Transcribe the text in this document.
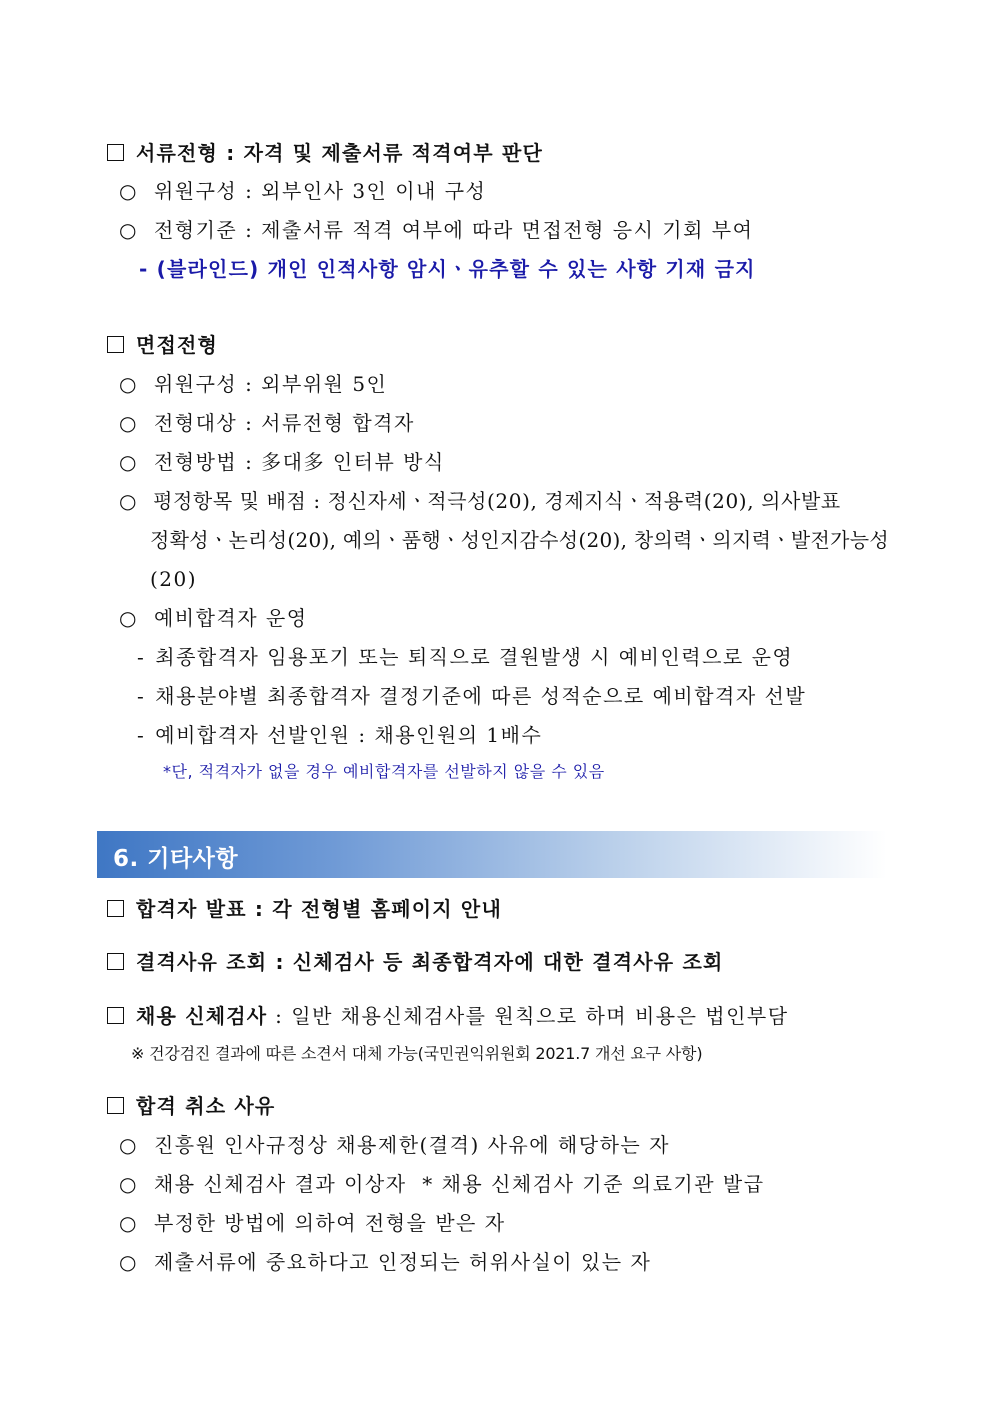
서류전형 : 자격 및 제출서류 적격여부 판단
○ 위원구성 : 외부인사 3인 이내 구성
○ 전형기준 : 제출서류 적격 여부에 따라 면접전형 응시 기회 부여
- (블라인드) 개인 인적사항 암시ㆍ유추할 수 있는 사항 기재 금지
면접전형
○ 위원구성 : 외부위원 5인
○ 전형대상 : 서류전형 합격자
○ 전형방법 : 多대多 인터뷰 방식
○ 평정항목 및 배점 : 정신자세ㆍ적극성(20), 경제지식ㆍ적용력(20), 의사발표
정확성ㆍ논리성(20), 예의ㆍ품행ㆍ성인지감수성(20), 창의력ㆍ의지력ㆍ발전가능성
(20)
○ 예비합격자 운영
- 최종합격자 임용포기 또는 퇴직으로 결원발생 시 예비인력으로 운영
- 채용분야별 최종합격자 결정기준에 따른 성적순으로 예비합격자 선발
- 예비합격자 선발인원 : 채용인원의 1배수
*단, 적격자가 없을 경우 예비합격자를 선발하지 않을 수 있음
6. 기타사항
합격자 발표 : 각 전형별 홈페이지 안내
결격사유 조회 : 신체검사 등 최종합격자에 대한 결격사유 조회
채용 신체검사 : 일반 채용신체검사를 원칙으로 하며 비용은 법인부담
※ 건강검진 결과에 따른 소견서 대체 가능(국민권익위원회 2021.7 개선 요구 사항)
합격 취소 사유
○ 진흥원 인사규정상 채용제한(결격) 사유에 해당하는 자
○ 채용 신체검사 결과 이상자  * 채용 신체검사 기준 의료기관 발급
○ 부정한 방법에 의하여 전형을 받은 자
○ 제출서류에 중요하다고 인정되는 허위사실이 있는 자
